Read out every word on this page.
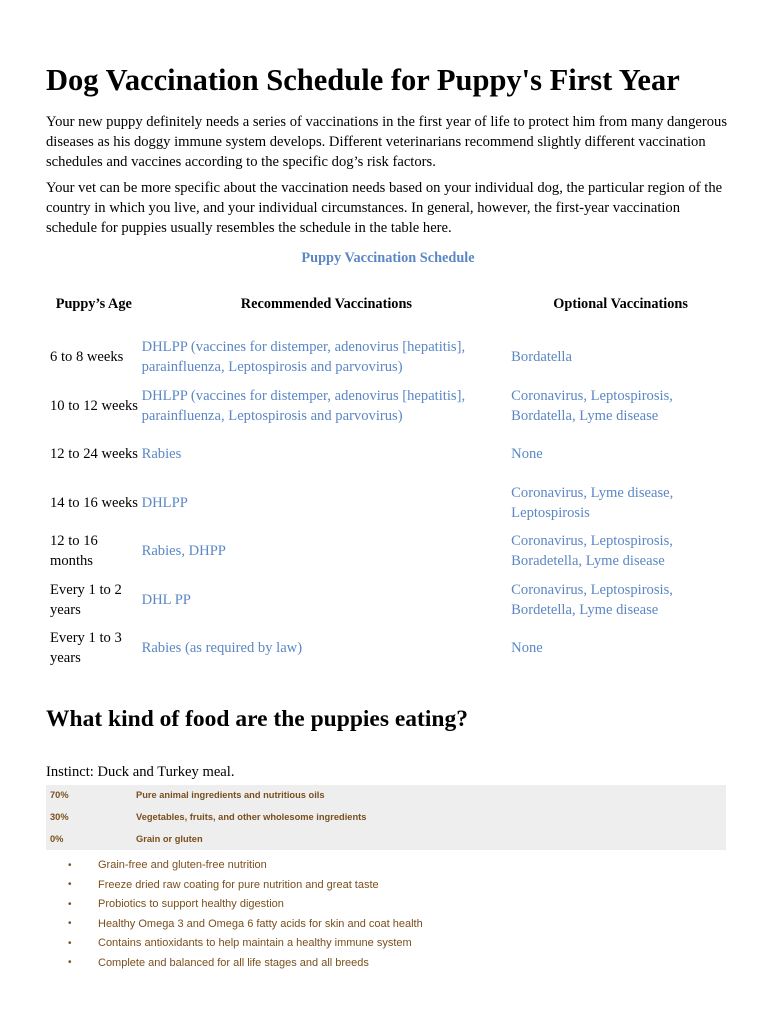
Dog Vaccination Schedule for Puppy's First Year

Your new puppy definitely needs a series of vaccinations in the first year of life to protect him from many dangerous diseases as his doggy immune system develops. Different veterinarians recommend slightly different vaccination schedules and vaccines according to the specific dog’s risk factors.

Your vet can be more specific about the vaccination needs based on your individual dog, the particular region of the country in which you live, and your individual circumstances. In general, however, the first-year vaccination schedule for puppies usually resembles the schedule in the table here.

Puppy Vaccination Schedule
Puppy’s Age	Recommended Vaccinations	Optional Vaccinations
6 to 8 weeks	DHLPP (vaccines for distemper, adenovirus [hepatitis], parainfluenza, Leptospirosis and parvovirus)	Bordatella
10 to 12 weeks	DHLPP (vaccines for distemper, adenovirus [hepatitis], parainfluenza, Leptospirosis and parvovirus)	Coronavirus, Leptospirosis, Bordatella, Lyme disease
12 to 24 weeks	Rabies	None
14 to 16 weeks	DHLPP	Coronavirus, Lyme disease, Leptospirosis
12 to 16 months	Rabies, DHPP	Coronavirus, Leptospirosis, Boradetella, Lyme disease
Every 1 to 2 years	DHL PP	Coronavirus, Leptospirosis, Bordetella, Lyme disease
Every 1 to 3 years	Rabies (as required by law)	None
What kind of food are the puppies eating?
Instinct: Duck and Turkey meal.
70%	Pure animal ingredients and nutritious oils
30%	Vegetables, fruits, and other wholesome ingredients
0%	Grain or gluten
•	Grain-free and gluten-free nutrition
•	Freeze dried raw coating for pure nutrition and great taste
•	Probiotics to support healthy digestion
•	Healthy Omega 3 and Omega 6 fatty acids for skin and coat health
•	Contains antioxidants to help maintain a healthy immune system
•	Complete and balanced for all life stages and all breeds
